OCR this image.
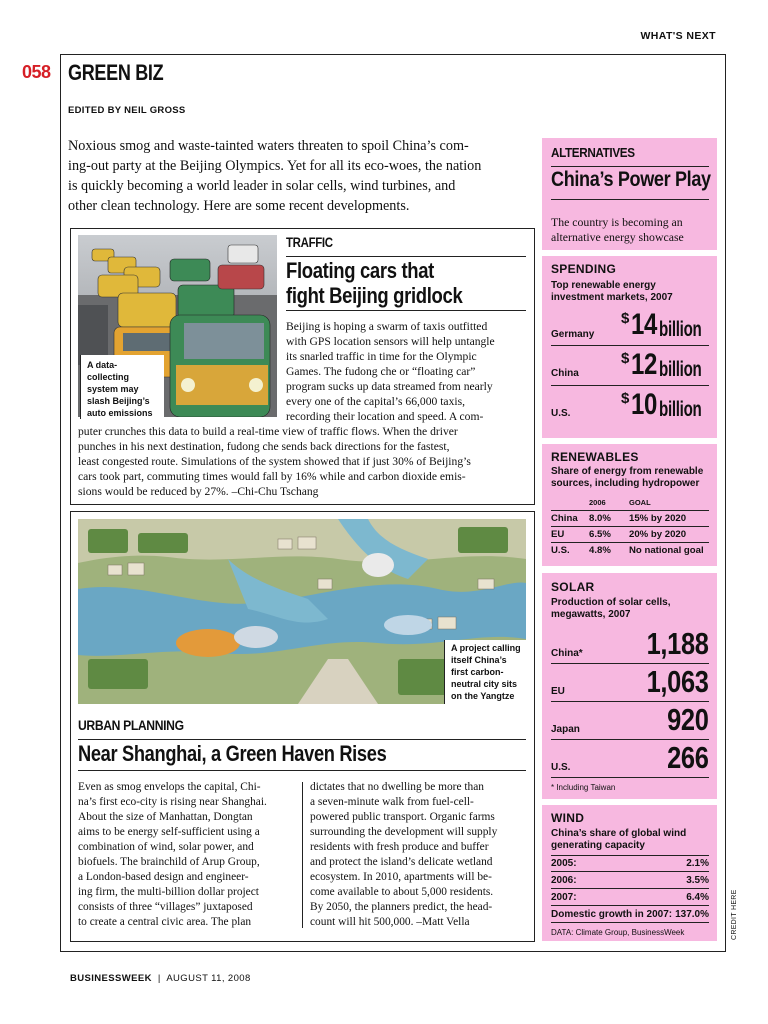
WHAT'S NEXT
058 GREEN BIZ
EDITED BY NEIL GROSS
Noxious smog and waste-tainted waters threaten to spoil China’s com-
ing-out party at the Beijing Olympics. Yet for all its eco-woes, the nation
is quickly becoming a world leader in solar cells, wind turbines, and
other clean technology. Here are some recent developments.
A data-
collecting
system may
slash Beijing’s
auto emissions
TRAFFIC
Floating cars that
fight Beijing gridlock
Beijing is hoping a swarm of taxis outfitted
with GPS location sensors will help untangle
its snarled traffic in time for the Olympic
Games. The fudong che or “floating car”
program sucks up data streamed from nearly
every one of the capital’s 66,000 taxis,
recording their location and speed. A com-
puter crunches this data to build a real-time view of traffic flows. When the driver
punches in his next destination, fudong che sends back directions for the fastest,
least congested route. Simulations of the system showed that if just 30% of Beijing’s
cars took part, commuting times would fall by 16% while and carbon dioxide emis-
sions would be reduced by 27%. –Chi-Chu Tschang
A project calling
itself China’s
first carbon-
neutral city sits
on the Yangtze
URBAN PLANNING
Near Shanghai, a Green Haven Rises
Even as smog envelops the capital, Chi-
na’s first eco-city is rising near Shanghai.
About the size of Manhattan, Dongtan
aims to be energy self-sufficient using a
combination of wind, solar power, and
biofuels. The brainchild of Arup Group,
a London-based design and engineer-
ing firm, the multi-billion dollar project
consists of three “villages” juxtaposed
to create a central civic area. The plan
dictates that no dwelling be more than
a seven-minute walk from fuel-cell-
powered public transport. Organic farms
surrounding the development will supply
residents with fresh produce and buffer
and protect the island’s delicate wetland
ecosystem. In 2010, apartments will be-
come available to about 5,000 residents.
By 2050, the planners predict, the head-
count will hit 500,000. –Matt Vella
ALTERNATIVES
China’s Power Play
The country is becoming an
alternative energy showcase
SPENDING
Top renewable energy
investment markets, 2007
Germany
$ 14 billion
China
$ 12 billion
U.S.
$ 10 billion
RENEWABLES
Share of energy from renewable
sources, including hydropower
2006	GOAL
China 8.0% 15% by 2020
EU	6.5% 20% by 2020
U.S. 4.8% No national goal
SOLAR
Production of solar cells,
megawatts, 2007
China* 1,188
EU	1,063
Japan	920
U.S.	266
* Including Taiwan
WIND
China’s share of global wind
generating capacity
2005:	2.1%
2006:	3.5%
2007:	6.4%
Domestic growth in 2007: 137.0%
DATA: Climate Group, BusinessWeek	CREDIT HERE
BUSINESSWEEK | AUGUST 11, 2008
